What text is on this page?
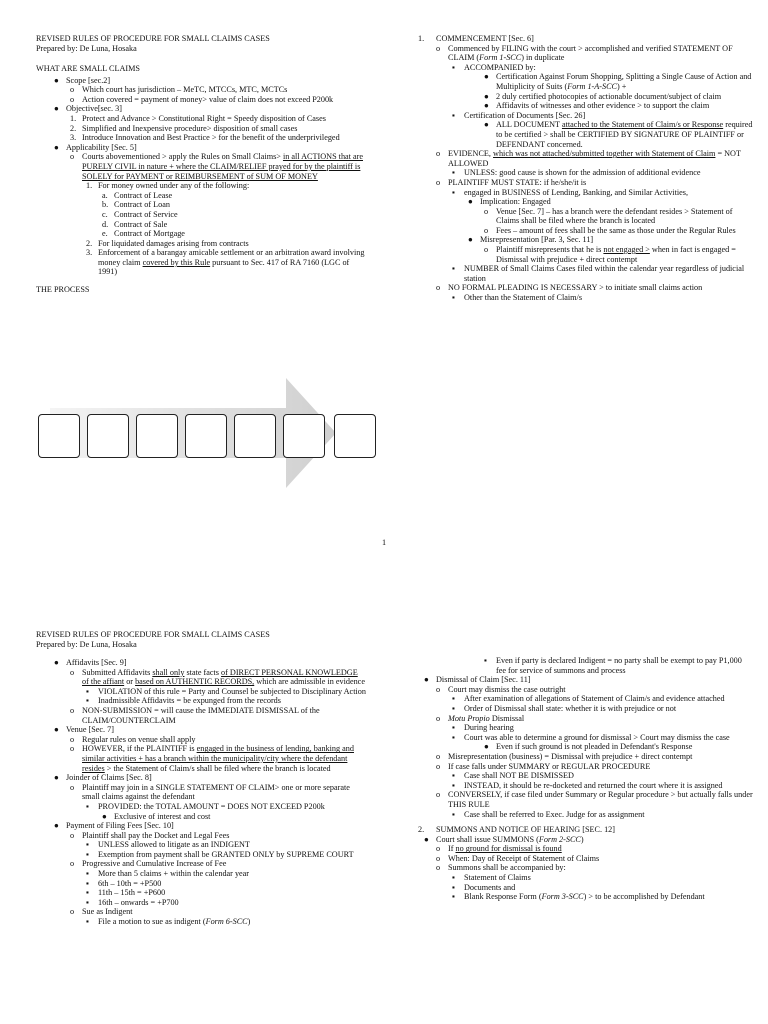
REVISED RULES OF PROCEDURE FOR SMALL CLAIMS CASES
Prepared by: De Luna, Hosaka
WHAT ARE SMALL CLAIMS
● Scope [sec.2]
o Which court has jurisdiction – MeTC, MTCCs, MTC, MCTCs
o Action covered = payment of money> value of claim does not exceed P200k
● Objective[sec. 3]
1. Protect and Advance > Constitutional Right = Speedy disposition of Cases
2. Simplified and Inexpensive procedure> disposition of small cases
3. Introduce Innovation and Best Practice > for the benefit of the underprivileged
● Applicability [Sec. 5]
o Courts abovementioned > apply the Rules on Small Claims> in all ACTIONS that are PURELY CIVIL in nature + where the CLAIM/RELIEF prayed for by the plaintiff is SOLELY for PAYMENT or REIMBURSEMENT of SUM OF MONEY
1. For money owned under any of the following:
a. Contract of Lease
b. Contract of Loan
c. Contract of Service
d. Contract of Sale
e. Contract of Mortgage
2. For liquidated damages arising from contracts
3. Enforcement of a barangay amicable settlement or an arbitration award involving money claim covered by this Rule pursuant to Sec. 417 of RA 7160 (LGC of 1991)
THE PROCESS
1. COMMENCEMENT [Sec. 6]
o Commenced by FILING with the court > accomplished and verified STATEMENT OF CLAIM (Form 1-SCC) in duplicate
▪ ACCOMPANIED by:
● Certification Against Forum Shopping, Splitting a Single Cause of Action and Multiplicity of Suits (Form 1-A-SCC) +
● 2 duly certified photocopies of actionable document/subject of claim
● Affidavits of witnesses and other evidence > to support the claim
▪ Certification of Documents [Sec. 26]
● ALL DOCUMENT attached to the Statement of Claim/s or Response required to be certified > shall be CERTIFIED BY SIGNATURE OF PLAINTIFF or DEFENDANT concerned.
o EVIDENCE, which was not attached/submitted together with Statement of Claim = NOT ALLOWED
▪ UNLESS: good cause is shown for the admission of additional evidence
o PLAINTIFF MUST STATE: if he/she/it is
▪ engaged in BUSINESS of Lending, Banking, and Similar Activities,
● Implication: Engaged
o Venue [Sec. 7] – has a branch were the defendant resides > Statement of Claims shall be filed where the branch is located
o Fees – amount of fees shall be the same as those under the Regular Rules
● Misrepresentation [Par. 3, Sec. 11]
o Plaintiff misrepresents that he is not engaged > when in fact is engaged = Dismissal with prejudice + direct contempt
▪ NUMBER of Small Claims Cases filed within the calendar year regardless of judicial station
o NO FORMAL PLEADING IS NECESSARY > to initiate small claims action
▪ Other than the Statement of Claim/s
1
REVISED RULES OF PROCEDURE FOR SMALL CLAIMS CASES
Prepared by: De Luna, Hosaka
● Affidavits [Sec. 9]
o Submitted Affidavits shall only state facts of DIRECT PERSONAL KNOWLEDGE of the affiant or based on AUTHENTIC RECORDS, which are admissible in evidence
▪ VIOLATION of this rule = Party and Counsel be subjected to Disciplinary Action
▪ Inadmissible Affidavits = be expunged from the records
o NON-SUBMISSION = will cause the IMMEDIATE DISMISSAL of the CLAIM/COUNTERCLAIM
● Venue [Sec. 7]
o Regular rules on venue shall apply
o HOWEVER, if the PLAINTIFF is engaged in the business of lending, banking and similar activities + has a branch within the municipality/city where the defendant resides > the Statement of Claim/s shall be filed where the branch is located
● Joinder of Claims [Sec. 8]
o Plaintiff may join in a SINGLE STATEMENT OF CLAIM> one or more separate small claims against the defendant
▪ PROVIDED: the TOTAL AMOUNT = DOES NOT EXCEED P200k
● Exclusive of interest and cost
● Payment of Filing Fees [Sec. 10]
o Plaintiff shall pay the Docket and Legal Fees
▪ UNLESS allowed to litigate as an INDIGENT
▪ Exemption from payment shall be GRANTED ONLY by SUPREME COURT
o Progressive and Cumulative Increase of Fee
▪ More than 5 claims + within the calendar year
▪ 6th – 10th = +P500
▪ 11th – 15th = +P600
▪ 16th – onwards = +P700
o Sue as Indigent
▪ File a motion to sue as indigent (Form 6-SCC)
▪ Even if party is declared Indigent = no party shall be exempt to pay P1,000 fee for service of summons and process
● Dismissal of Claim [Sec. 11]
o Court may dismiss the case outright
▪ After examination of allegations of Statement of Claim/s and evidence attached
▪ Order of Dismissal shall state: whether it is with prejudice or not
o Motu Propio Dismissal
▪ During hearing
▪ Court was able to determine a ground for dismissal > Court may dismiss the case
● Even if such ground is not pleaded in Defendant's Response
o Misrepresentation (business) = Dismissal with prejudice + direct contempt
o If case falls under SUMMARY or REGULAR PROCEDURE
▪ Case shall NOT BE DISMISSED
▪ INSTEAD, it should be re-docketed and returned the court where it is assigned
o CONVERSELY, if case filed under Summary or Regular procedure > but actually falls under THIS RULE
▪ Case shall be referred to Exec. Judge for as assignment
2. SUMMONS AND NOTICE OF HEARING [SEC. 12]
● Court shall issue SUMMONS (Form 2-SCC)
o If no ground for dismissal is found
o When: Day of Receipt of Statement of Claims
o Summons shall be accompanied by:
▪ Statement of Claims
▪ Documents and
▪ Blank Response Form (Form 3-SCC) > to be accomplished by Defendant
